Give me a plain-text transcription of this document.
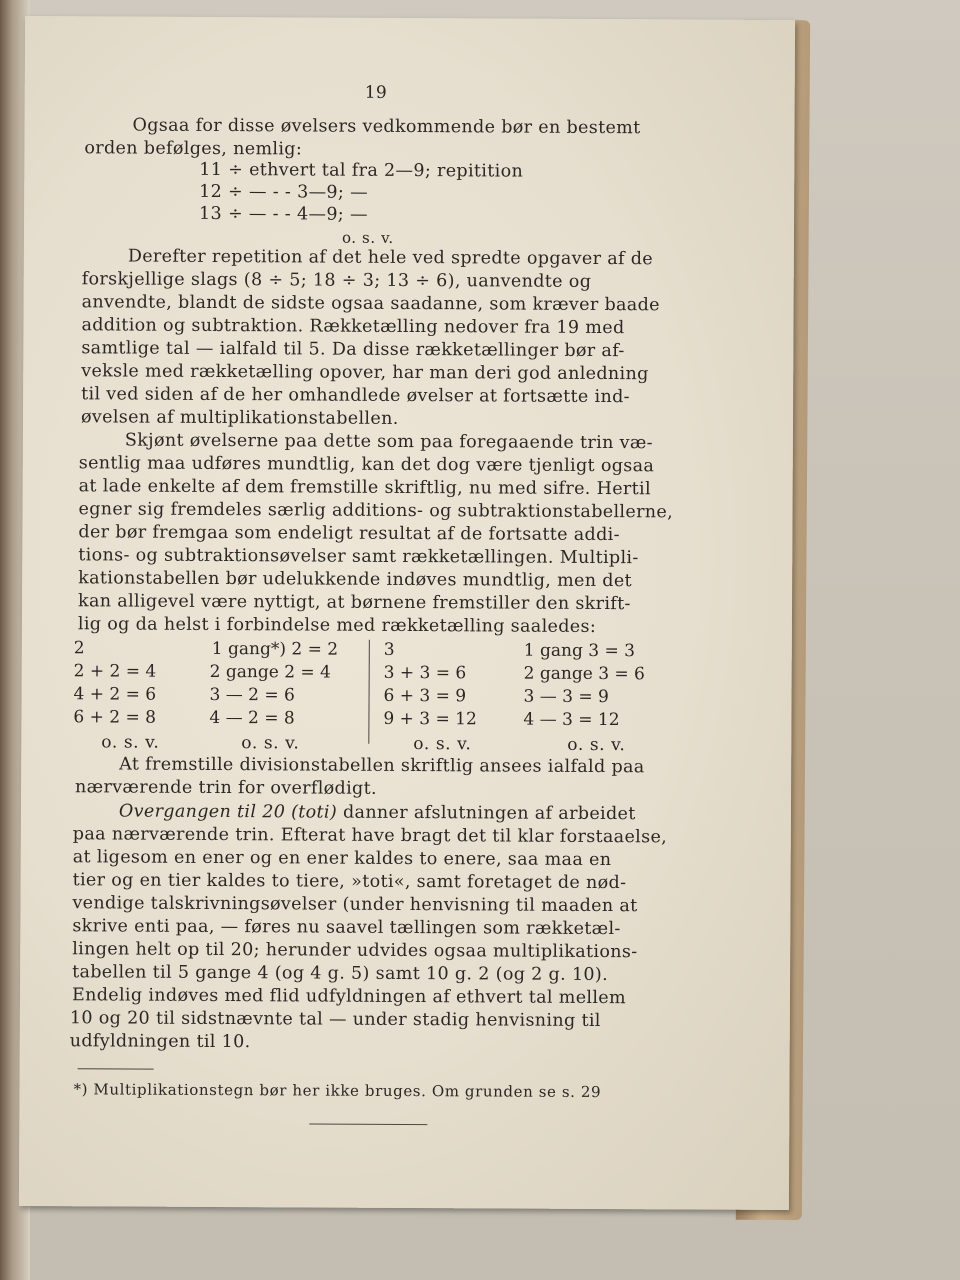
19
Ogsaa for disse øvelsers vedkommende bør en bestemt
orden befølges, nemlig:
11 ÷ ethvert tal fra 2—9; repitition
12 ÷ — - - 3—9; —
13 ÷ — - - 4—9; —
o. s. v.
Derefter repetition af det hele ved spredte opgaver af de
forskjellige slags (8 ÷ 5; 18 ÷ 3; 13 ÷ 6), uanvendte og
anvendte, blandt de sidste ogsaa saadanne, som kræver baade
addition og subtraktion. Rækketælling nedover fra 19 med
samtlige tal — ialfald til 5. Da disse rækketællinger bør af-
veksle med rækketælling opover, har man deri god anledning
til ved siden af de her omhandlede øvelser at fortsætte ind-
øvelsen af multiplikationstabellen.
Skjønt øvelserne paa dette som paa foregaaende trin væ-
sentlig maa udføres mundtlig, kan det dog være tjenligt ogsaa
at lade enkelte af dem fremstille skriftlig, nu med sifre. Hertil
egner sig fremdeles særlig additions- og subtraktionstabellerne,
der bør fremgaa som endeligt resultat af de fortsatte addi-
tions- og subtraktionsøvelser samt rækketællingen. Multipli-
kationstabellen bør udelukkende indøves mundtlig, men det
kan alligevel være nyttigt, at børnene fremstiller den skrift-
lig og da helst i forbindelse med rækketælling saaledes:
2
2 + 2 = 4
4 + 2 = 6
6 + 2 = 8
o. s. v.
1 gang*) 2 = 2
2 gange 2 = 4
3 — 2 = 6
4 — 2 = 8
o. s. v.
3
3 + 3 = 6
6 + 3 = 9
9 + 3 = 12
o. s. v.
1 gang 3 = 3
2 gange 3 = 6
3 — 3 = 9
4 — 3 = 12
o. s. v.
At fremstille divisionstabellen skriftlig ansees ialfald paa
nærværende trin for overflødigt.
Overgangen til 20 (toti) danner afslutningen af arbeidet
paa nærværende trin. Efterat have bragt det til klar forstaaelse,
at ligesom en ener og en ener kaldes to enere, saa maa en
tier og en tier kaldes to tiere, »toti«, samt foretaget de nød-
vendige talskrivningsøvelser (under henvisning til maaden at
skrive enti paa, — føres nu saavel tællingen som rækketæl-
lingen helt op til 20; herunder udvides ogsaa multiplikations-
tabellen til 5 gange 4 (og 4 g. 5) samt 10 g. 2 (og 2 g. 10).
Endelig indøves med flid udfyldningen af ethvert tal mellem
10 og 20 til sidstnævnte tal — under stadig henvisning til
udfyldningen til 10.
*) Multiplikationstegn bør her ikke bruges. Om grunden se s. 29
